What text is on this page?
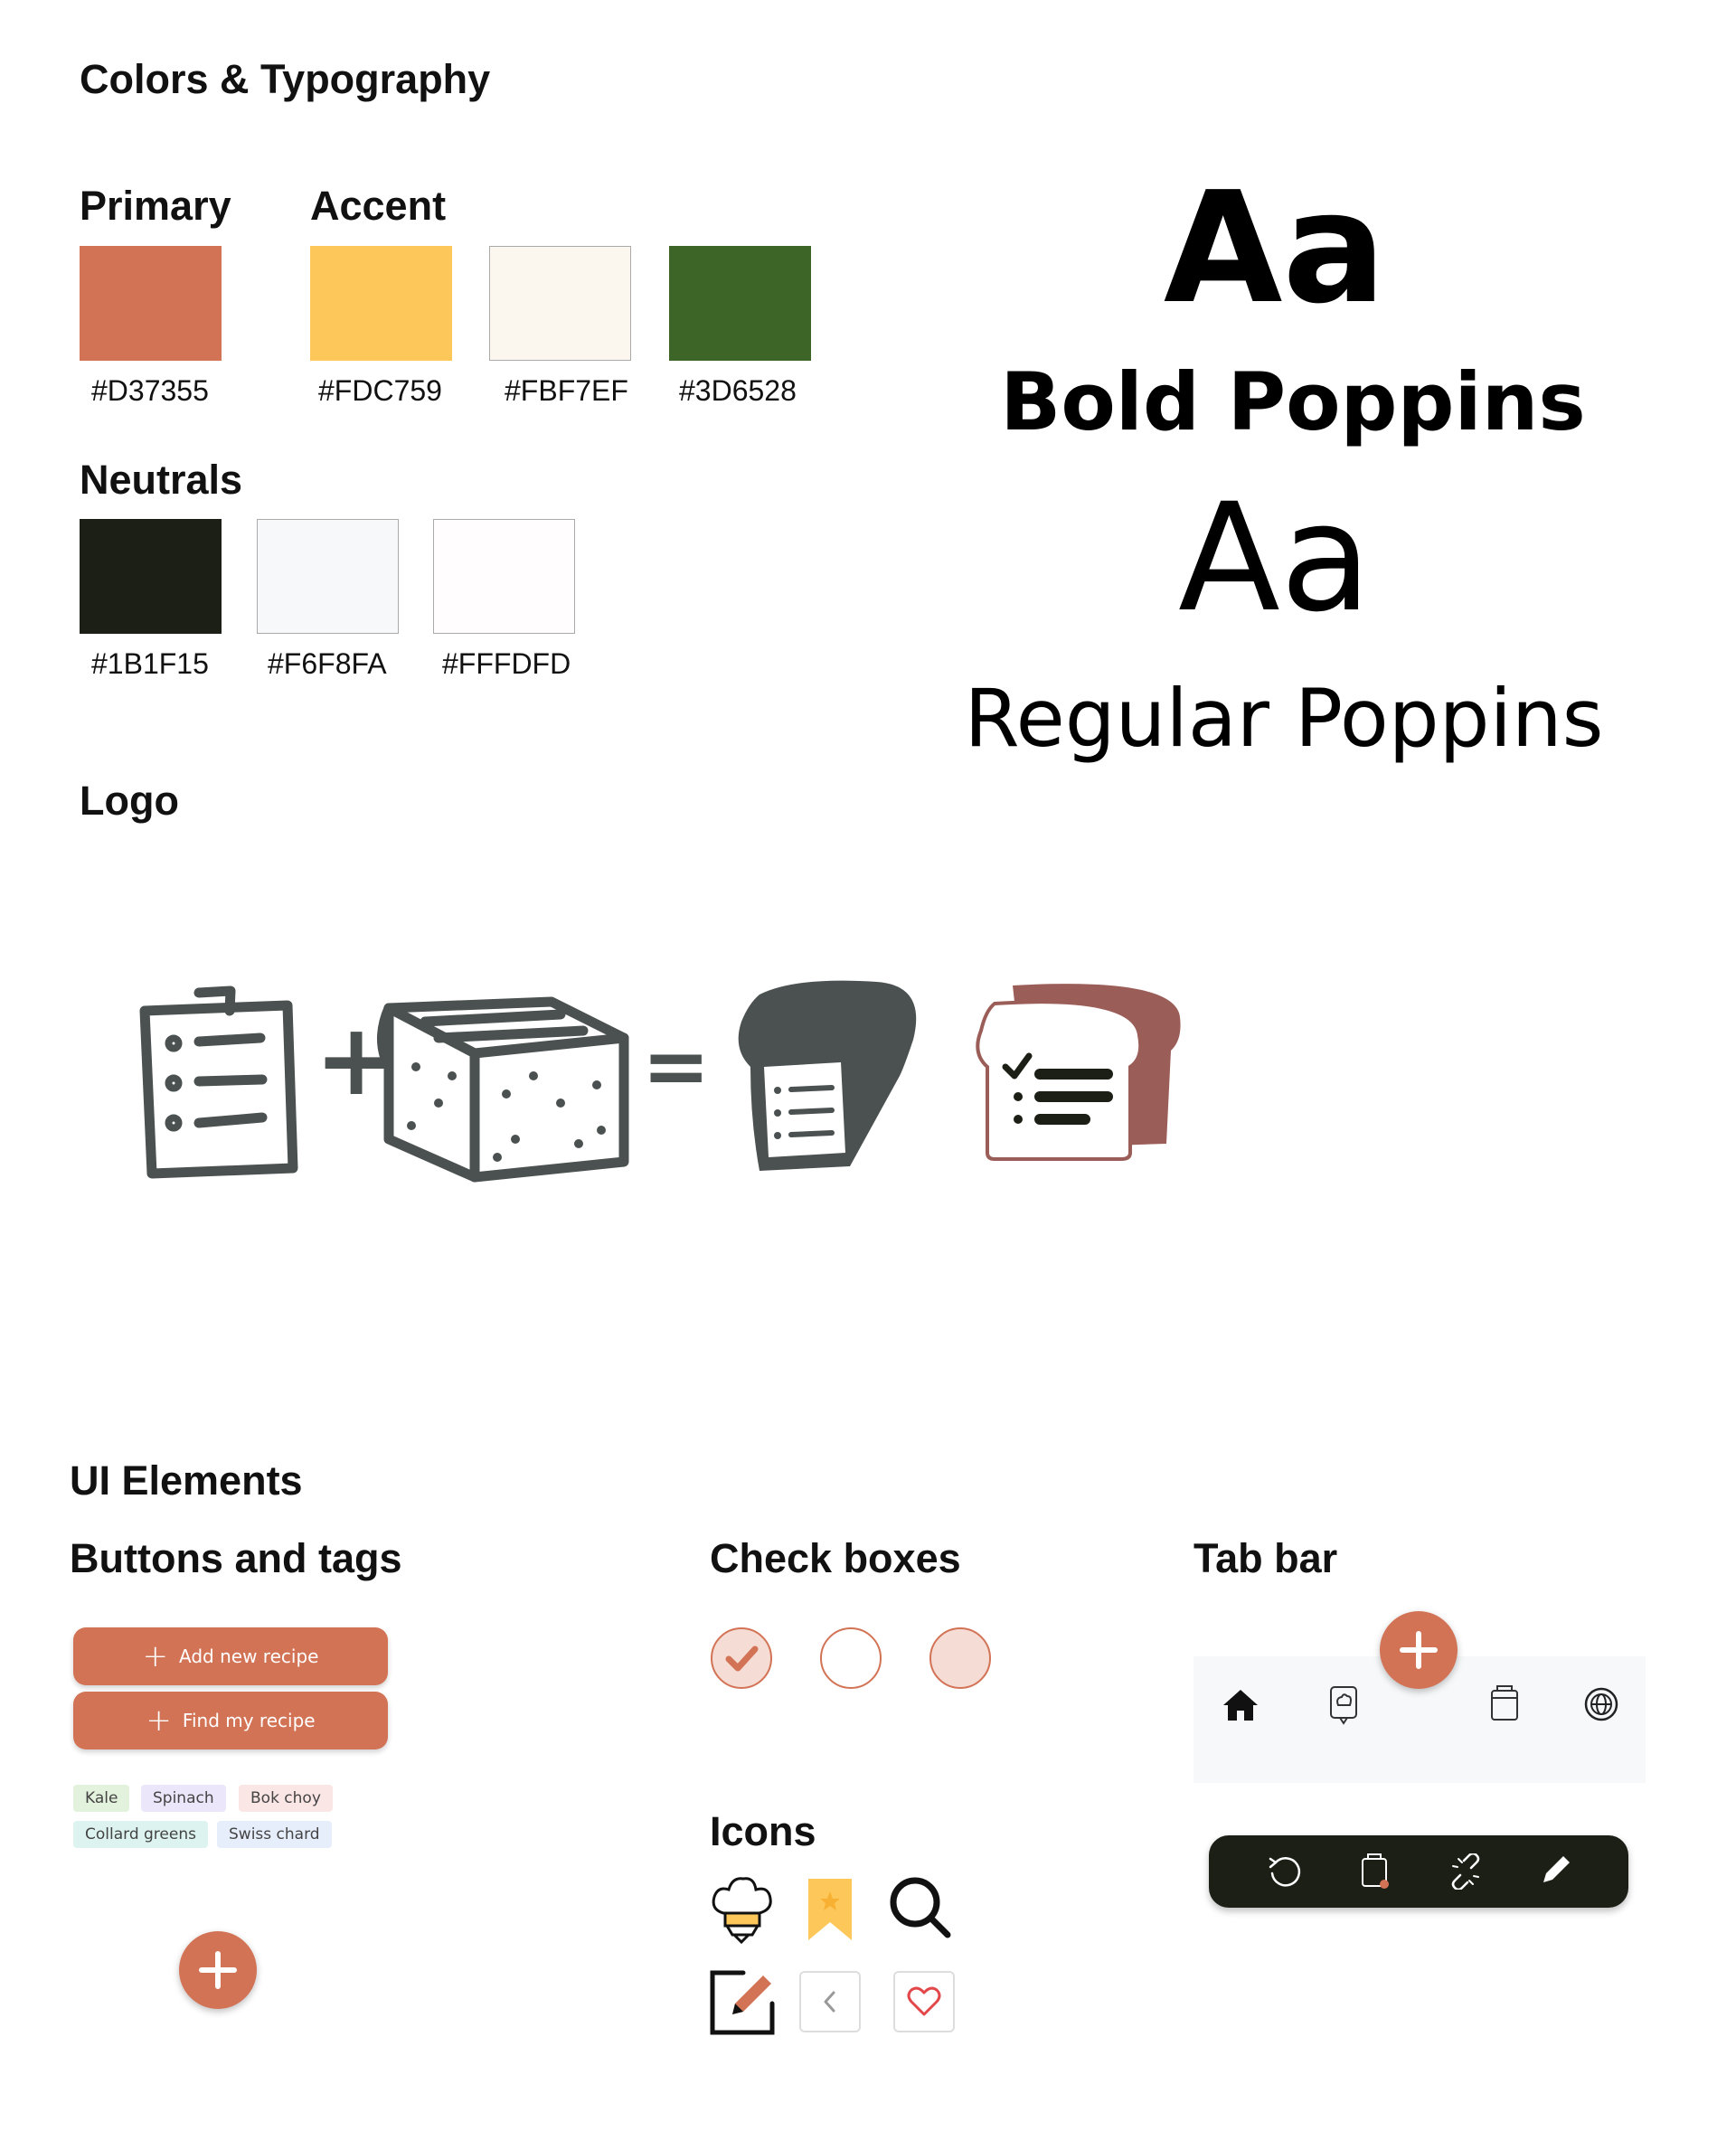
Colors & Typography
Primary Accent
#D37355	#FDC759 #FBF7EF #3D6528
Neutrals
#1B1F15 #F6F8FA #FFFDFD
Aa
Bold Poppins
Aa
Regular Poppins
Logo
+	=
UI Elements
Buttons and tags	Check boxes	Tab bar
+ Add new recipe
+ Find my recipe
Kale	Spinach	Bok choy
Collard greens	Swiss chard	Icons
